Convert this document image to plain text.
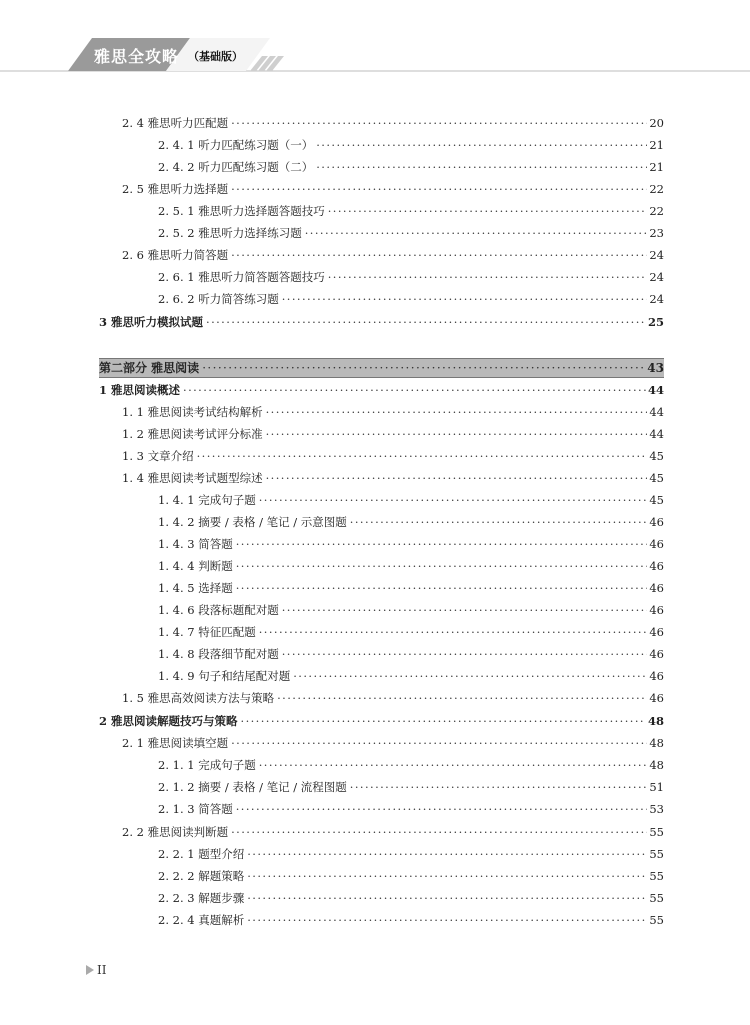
雅思全攻略 （基础版）
2. 4 雅思听力匹配题 ·····	20
2. 4. 1 听力匹配练习题（一） ·····	21
2. 4. 2 听力匹配练习题（二） ·····	21
2. 5 雅思听力选择题 ·····	22
2. 5. 1 雅思听力选择题答题技巧 ·····	22
2. 5. 2 雅思听力选择练习题 ·····	23
2. 6 雅思听力简答题 ·····	24
2. 6. 1 雅思听力简答题答题技巧 ·····	24
2. 6. 2 听力简答练习题 ·····	24
3 雅思听力模拟试题 ·····	25
第二部分 雅思阅读 ·····	43
1 雅思阅读概述 ·····	44
1. 1 雅思阅读考试结构解析 ·····	44
1. 2 雅思阅读考试评分标准 ·····	44
1. 3 文章介绍 ·····	45
1. 4 雅思阅读考试题型综述 ·····	45
1. 4. 1 完成句子题 ·····	45
1. 4. 2 摘要 / 表格 / 笔记 / 示意图题 ·····	46
1. 4. 3 简答题 ·····	46
1. 4. 4 判断题 ·····	46
1. 4. 5 选择题 ·····	46
1. 4. 6 段落标题配对题 ·····	46
1. 4. 7 特征匹配题 ·····	46
1. 4. 8 段落细节配对题 ·····	46
1. 4. 9 句子和结尾配对题 ·····	46
1. 5 雅思高效阅读方法与策略 ·····	46
2 雅思阅读解题技巧与策略 ·····	48
2. 1 雅思阅读填空题 ·····	48
2. 1. 1 完成句子题 ·····	48
2. 1. 2 摘要 / 表格 / 笔记 / 流程图题 ·····	51
2. 1. 3 简答题 ·····	53
2. 2 雅思阅读判断题 ·····	55
2. 2. 1 题型介绍 ·····	55
2. 2. 2 解题策略 ·····	55
2. 2. 3 解题步骤 ·····	55
2. 2. 4 真题解析 ·····	55
II
